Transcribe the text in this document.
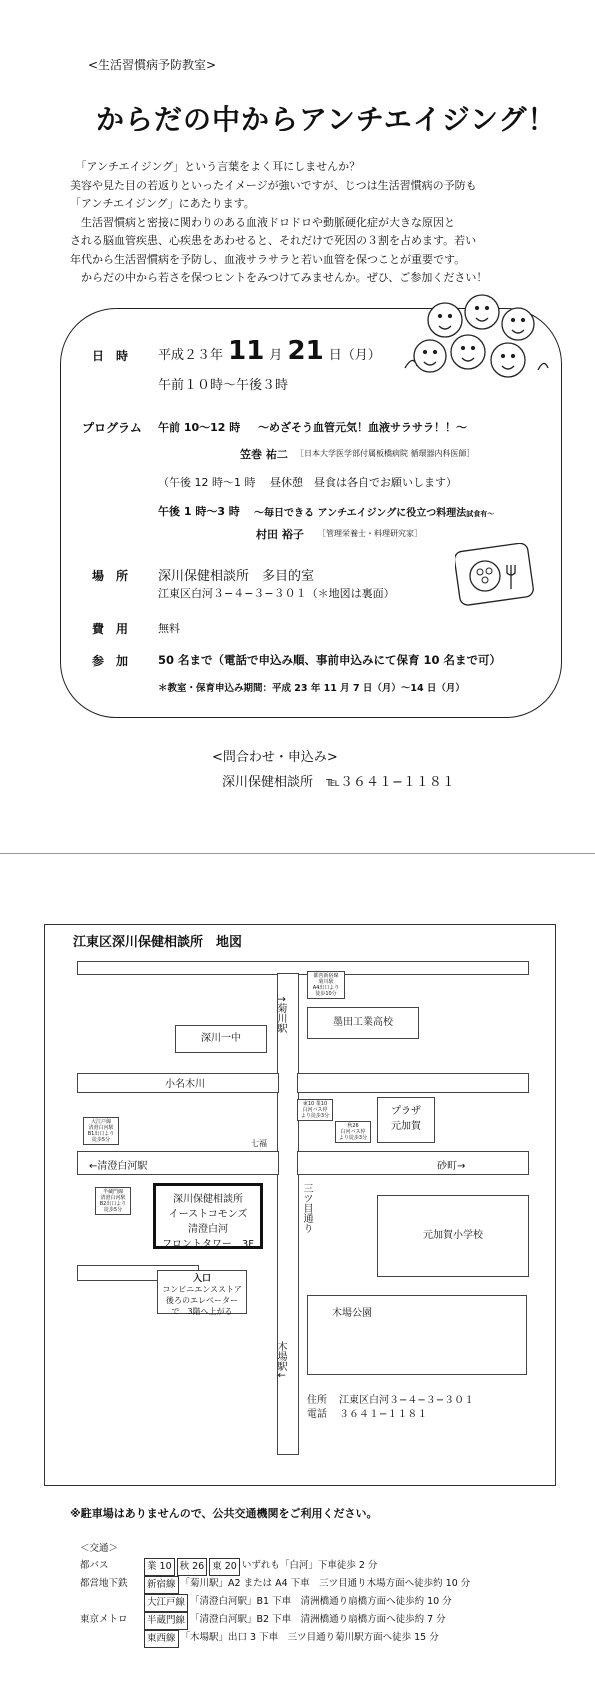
<生活習慣病予防教室>
からだの中からアンチエイジング！

　「アンチエイジング」という言葉をよく耳にしませんか？

美容や見た目の若返りといったイメージが強いですが、じつは生活習慣病の予防も

「アンチエイジング」にあたります。

　生活習慣病と密接に関わりのある血液ドロドロや動脈硬化症が大きな原因と

される脳血管疾患、心疾患をあわせると、それだけで死因の３割を占めます。若い

年代から生活習慣病を予防し、血液サラサラと若い血管を保つことが重要です。

　からだの中から若さを保つヒントをみつけてみませんか。ぜひ、ご参加ください！

日時 平成２３年 11 月 21 日（月）
午前１０時〜午後３時
プログラム 午前 10〜12 時 〜めざそう血管元気！血液サラサラ！！〜
笠巻 祐二 ［日本大学医学部付属板橋病院 循環器内科医師］
（午後 12 時〜1 時　 昼休憩　昼食は各自でお願いします）
午後 1 時〜3 時 〜毎日できる アンチエイジングに役立つ料理法試食有〜
村田 裕子 ［管理栄養士・料理研究家］
場所 深川保健相談所　多目的室
江東区白河３−４−３−３０１（＊地図は裏面）
費用 無料
参加 50 名まで（電話で申込み順、事前申込みにて保育 10 名まで可）
＊教室・保育申込み期間：平成 23 年 11 月 7 日（月）〜14 日（月）
<問合わせ・申込み>
深川保健相談所　℡３６４１−１１８１
江東区深川保健相談所　地図
深川一中
墨田工業高校
プラザ
元加賀
元加賀小学校
木場公園
深川保健相談所
イーストコモンズ
清澄白河
フロントタワー　3F
入口
コンビニエンスストア
後ろのエレベーター
で　3階へ上がる
↑菊川駅
木場駅↓
三ツ目通り
小名木川
←清澄白河駅	砂町→
七福
都営新宿線
菊川駅
A4出口より
徒歩10分
大江戸線
清澄白河駅
B1出口より
徒歩5分
東10 業10
白河バス停
より徒歩3分
秋26
白河バス停
より徒歩3分
半蔵門線
清澄白河駅
B2出口より
徒歩5分
住所 江東区白河３−４−３−３０１
電話 ３６４１−１１８１
※駐車場はありませんので、公共交通機関をご利用ください。
＜交通＞
都バス	業 10 秋 26 東 20 いずれも「白河」下車徒歩 2 分
都営地下鉄	新宿線 「菊川駅」A2 または A4 下車　三ツ目通り木場方面へ徒歩約 10 分
大江戸線 「清澄白河駅」B1 下車　清洲橋通り扇橋方面へ徒歩約 10 分
東京メトロ	半蔵門線 「清澄白河駅」B2 下車　清洲橋通り扇橋方面へ徒歩約 7 分
東西線 「木場駅」出口 3 下車　三ツ目通り菊川駅方面へ徒歩 15 分
